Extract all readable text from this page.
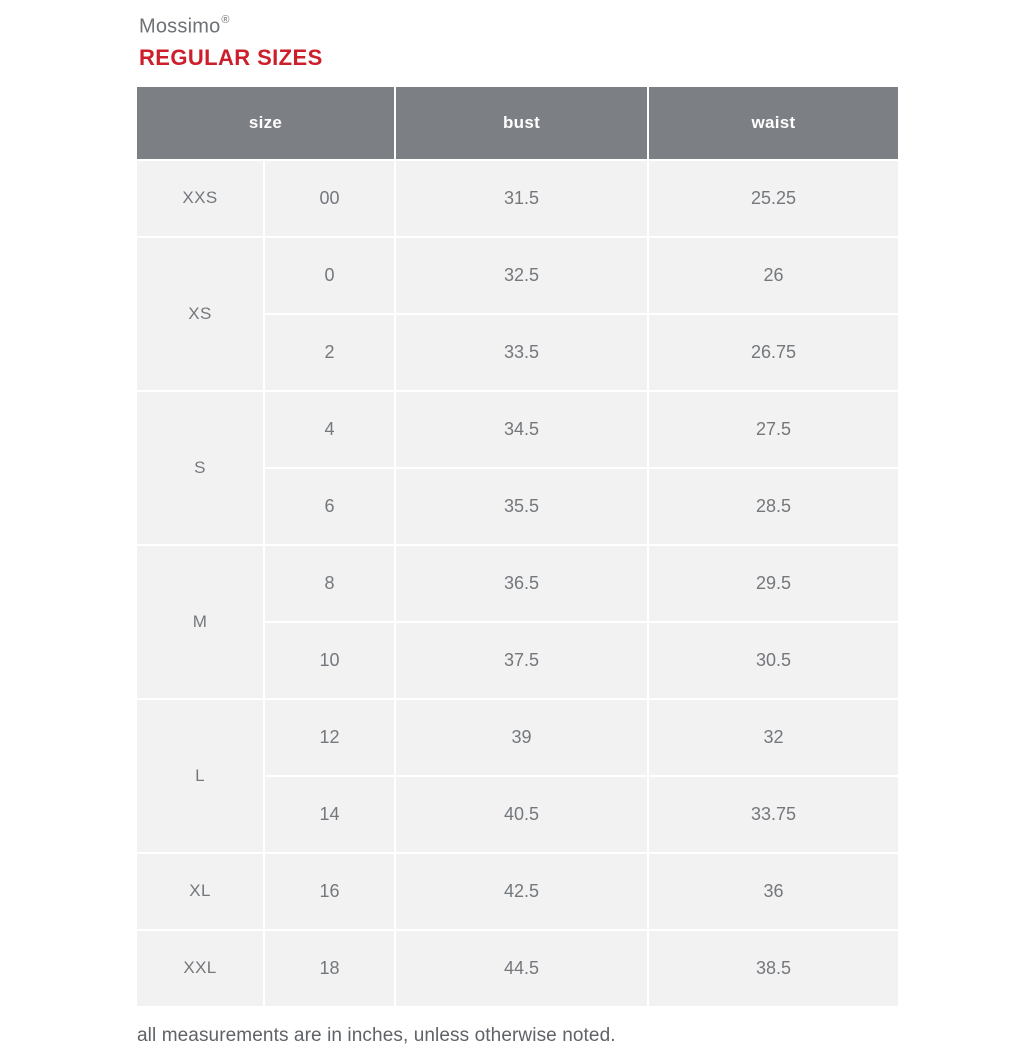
Mossimo®
REGULAR SIZES
size		bust	waist
XXS	00	31.5	25.25
XS	0	32.5	26
	2	33.5	26.75
S	4	34.5	27.5
	6	35.5	28.5
M	8	36.5	29.5
	10	37.5	30.5
L	12	39	32
	14	40.5	33.75
XL	16	42.5	36
XXL	18	44.5	38.5
all measurements are in inches, unless otherwise noted.
